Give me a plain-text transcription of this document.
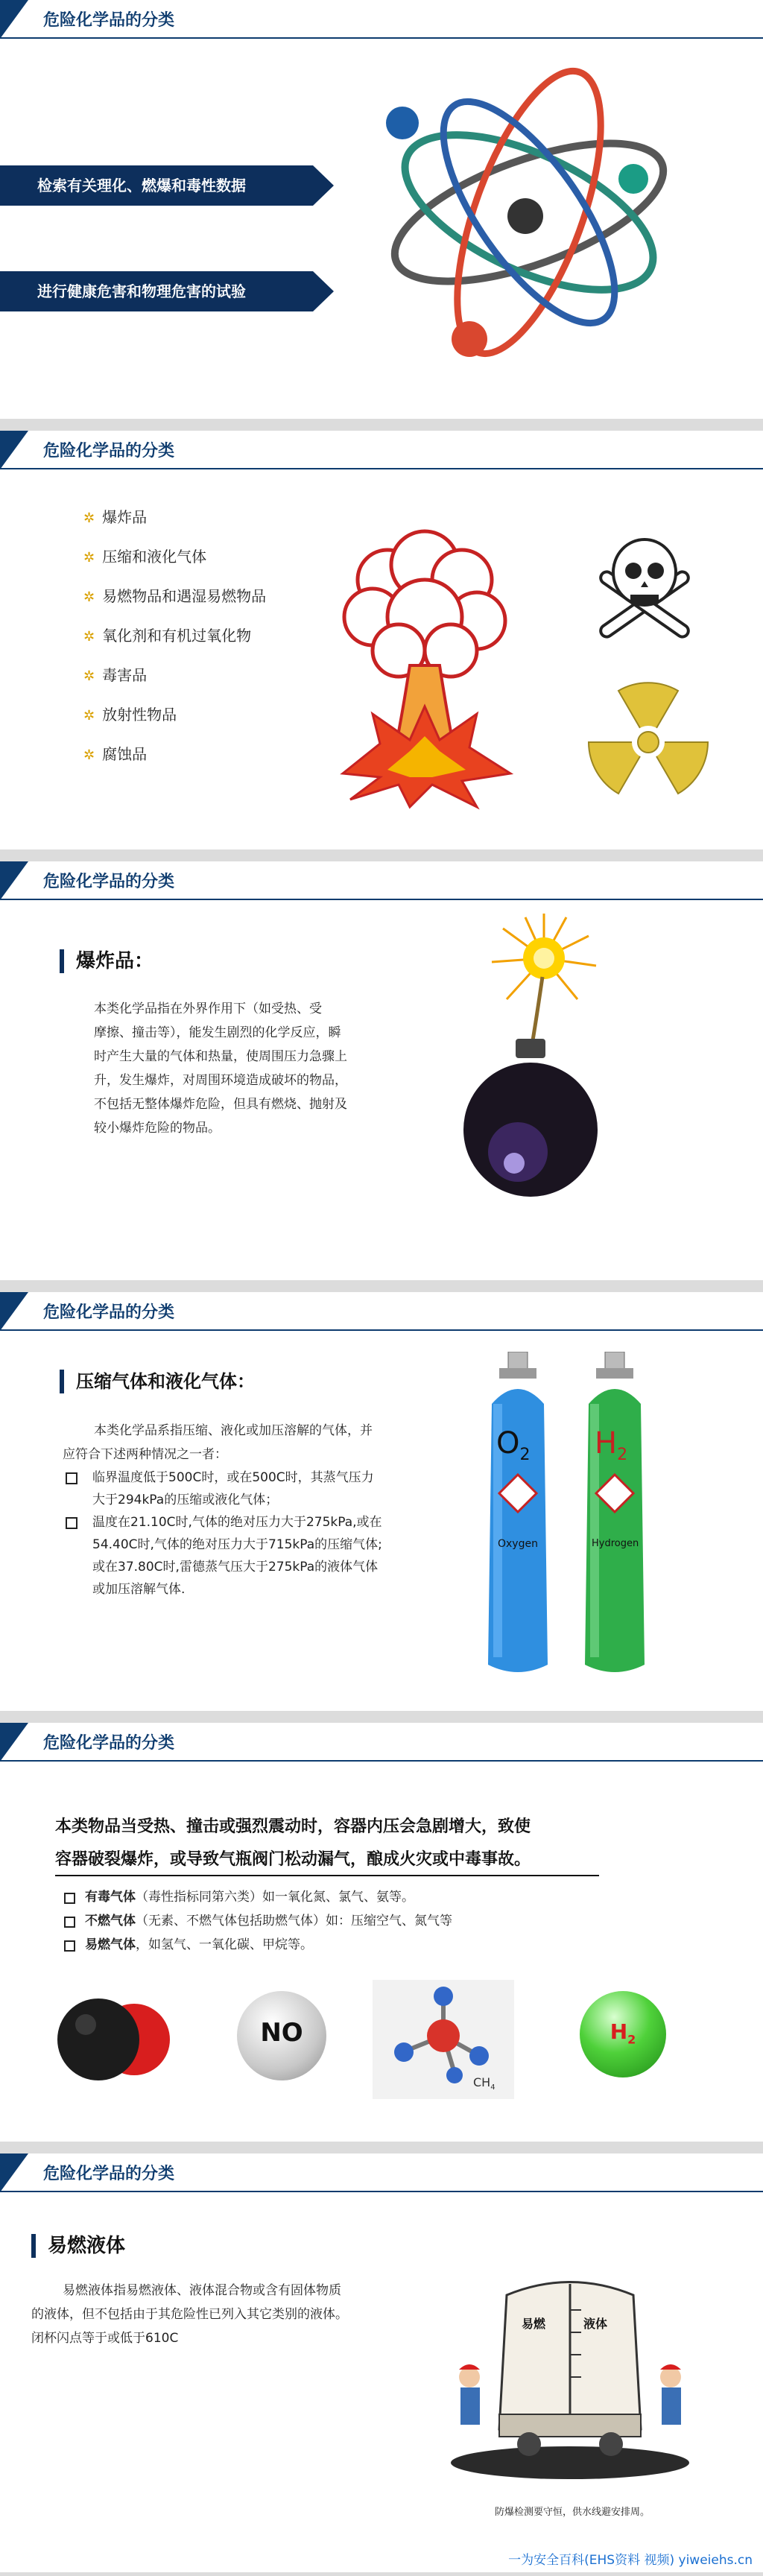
危险化学品的分类
检索有关理化、燃爆和毒性数据
进行健康危害和物理危害的试验
危险化学品的分类
✲ 爆炸品
✲ 压缩和液化气体
✲ 易燃物品和遇湿易燃物品
✲ 氧化剂和有机过氧化物
✲ 毒害品
✲ 放射性物品
✲ 腐蚀品
危险化学品的分类
爆炸品：
本类化学品指在外界作用下（如受热、受
摩擦、撞击等），能发生剧烈的化学反应，瞬
时产生大量的气体和热量，使周围压力急骤上
升，发生爆炸，对周围环境造成破坏的物品，
不包括无整体爆炸危险，但具有燃烧、抛射及
较小爆炸危险的物品。
危险化学品的分类
压缩气体和液化气体：
本类化学品系指压缩、液化或加压溶解的气体，并
应符合下述两种情况之一者：
临界温度低于500C时，或在500C时，其蒸气压力
大于294kPa的压缩或液化气体；
温度在21.10C时,气体的绝对压力大于275kPa,或在
54.40C时,气体的绝对压力大于715kPa的压缩气体;
或在37.80C时,雷德蒸气压大于275kPa的液体气体
或加压溶解气体.
$O_2$
Oxygen
$H_2$
Hydrogen
危险化学品的分类
本类物品当受热、撞击或强烈震动时，容器内压会急剧增大，致使
容器破裂爆炸，或导致气瓶阀门松动漏气，酿成火灾或中毒事故。
有毒气体（毒性指标同第六类）如一氧化氮、氯气、氨等。
不燃气体（无素、不燃气体包括助燃气体）如：压缩空气、氮气等
易燃气体，如氢气、一氧化碳、甲烷等。
NO
$CH_4$
$H_2$
危险化学品的分类
易燃液体
易燃液体指易燃液体、液体混合物或含有固体物质
的液体，但不包括由于其危险性已列入其它类别的液体。
闭杯闪点等于或低于610C
易燃	液体
防爆检测要守恒，供水线避安排周。
一为安全百科(EHS资料 视频) yiweiehs.cn
